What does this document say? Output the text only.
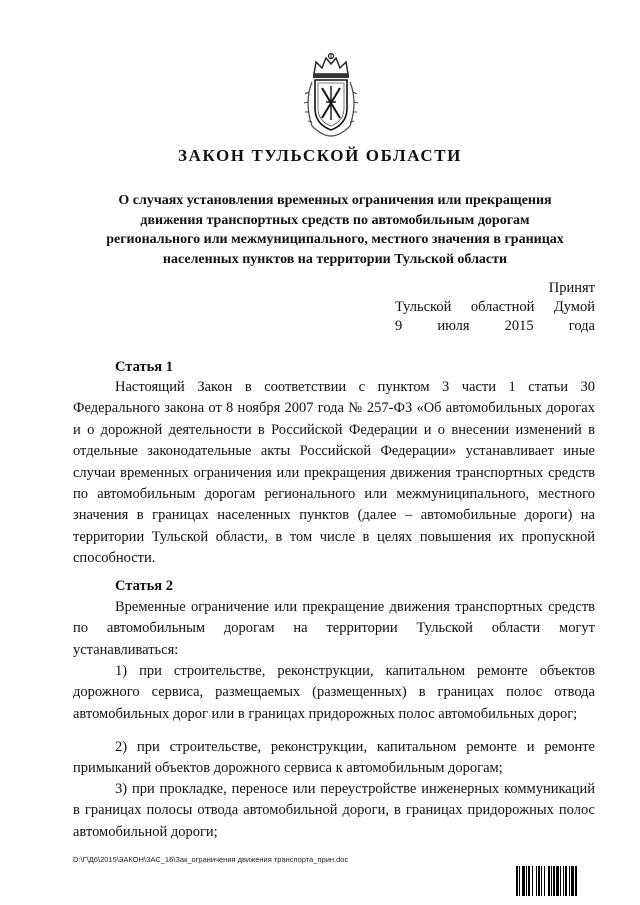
ЗАКОН ТУЛЬСКОЙ ОБЛАСТИ
О случаях установления временных ограничения или прекращения
движения транспортных средств по автомобильным дорогам
регионального или межмуниципального, местного значения в границах
населенных пунктов на территории Тульской области
Принят
Тульской областной Думой
9 июля 2015 года
Статья 1

Настоящий Закон в соответствии с пунктом 3 части 1 статьи 30 Федерального закона от 8 ноября 2007 года № 257-ФЗ «Об автомобильных дорогах и о дорожной деятельности в Российской Федерации и о внесении изменений в отдельные законодательные акты Российской Федерации» устанавливает иные случаи временных ограничения или прекращения движения транспортных средств по автомобильным дорогам регионального или межмуниципального, местного значения в границах населенных пунктов (далее – автомобильные дороги) на территории Тульской области, в том числе в целях повышения их пропускной способности.

Статья 2

Временные ограничение или прекращение движения транспортных средств по автомобильным дорогам на территории Тульской области могут устанавливаться:

1) при строительстве, реконструкции, капитальном ремонте объектов дорожного сервиса, размещаемых (размещенных) в границах полос отвода автомобильных дорог или в границах придорожных полос автомобильных дорог;

2) при строительстве, реконструкции, капитальном ремонте и ремонте примыканий объектов дорожного сервиса к автомобильным дорогам;

3) при прокладке, переносе или переустройстве инженерных коммуникаций в границах полосы отвода автомобильной дороги, в границах придорожных полос автомобильной дороги;

D:\Г\Д6\2015\ЗАКОН\ЗАС_16\Зак_ограничения движения транспорта_прин.doc
